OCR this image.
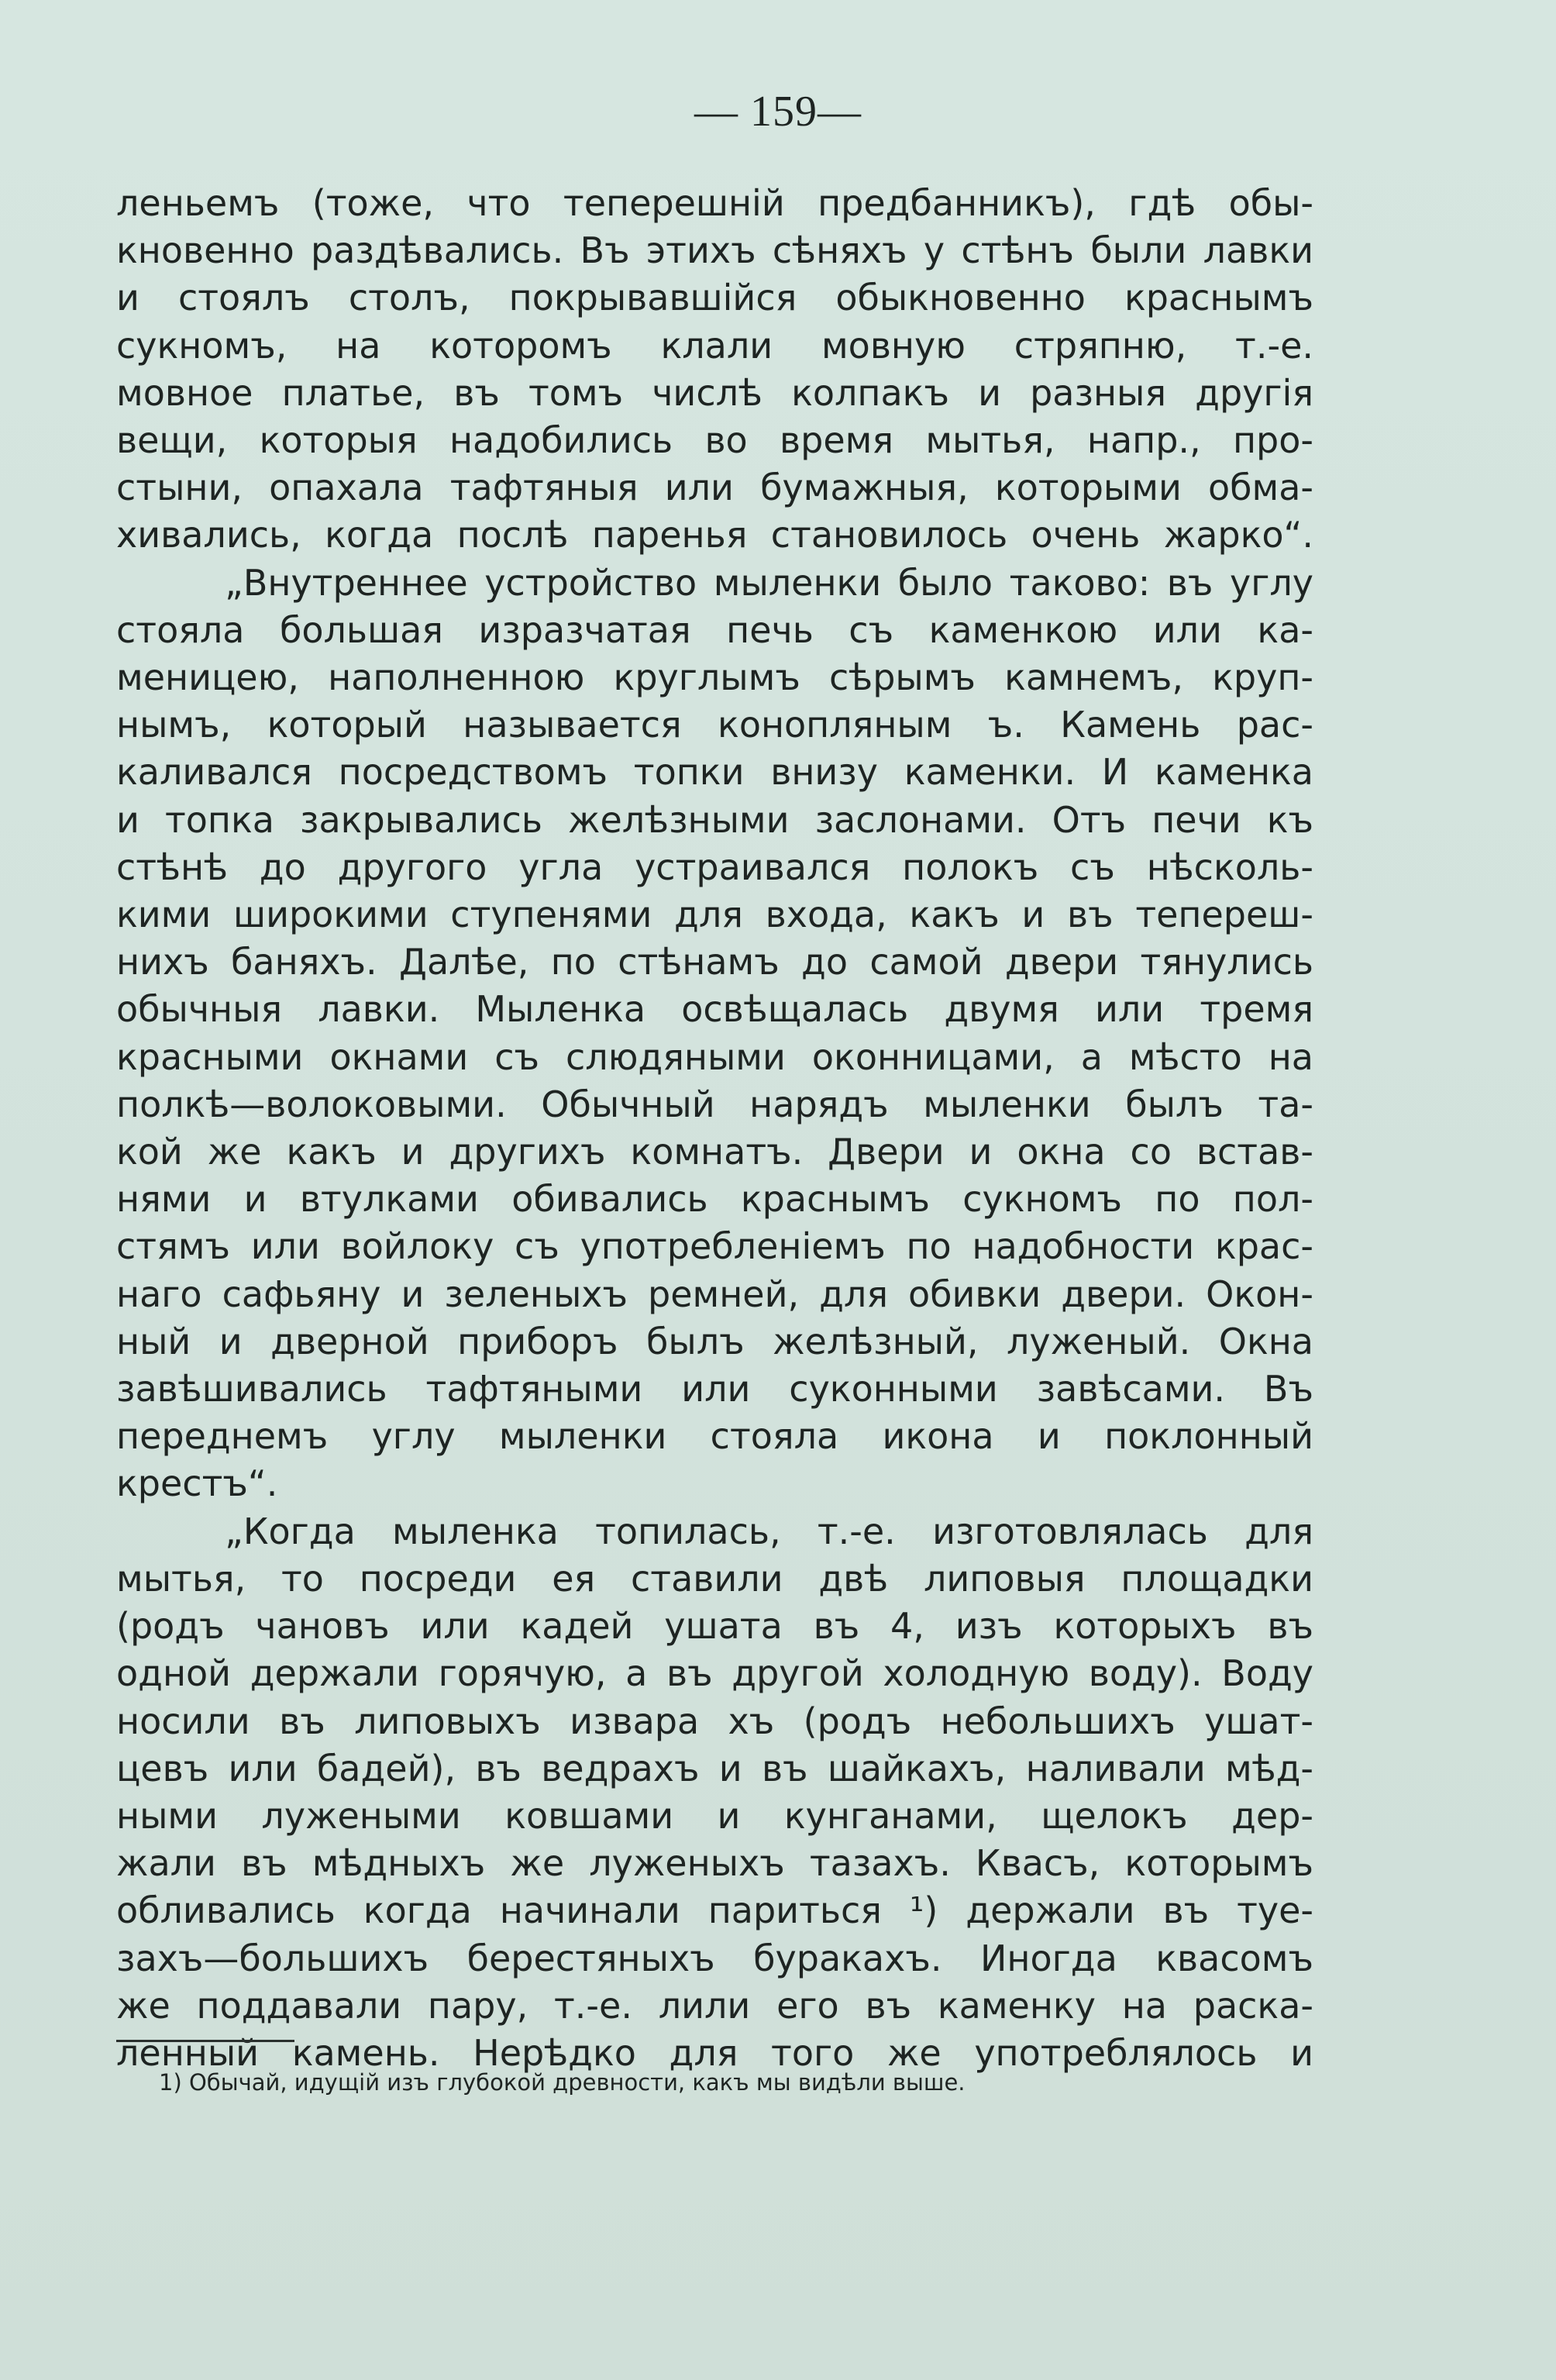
— 159—
леньемъ (тоже, что теперешній предбанникъ), гдѣ обы-
кновенно раздѣвались. Въ этихъ сѣняхъ у стѣнъ были лавки
и стоялъ столъ, покрывавшійся обыкновенно краснымъ
сукномъ, на которомъ клали мовную стряпню, т.-е.
мовное платье, въ томъ числѣ колпакъ и разныя другія
вещи, которыя надобились во время мытья, напр., про-
стыни, опахала тафтяныя или бумажныя, которыми обма-
хивались, когда послѣ паренья становилось очень жарко“.
„Внутреннее устройство мыленки было таково: въ углу
стояла большая изразчатая печь съ каменкою или ка-
меницею, наполненною круглымъ сѣрымъ камнемъ, круп-
нымъ, который называется конопляным ъ. Камень рас-
каливался посредствомъ топки внизу каменки. И каменка
и топка закрывались желѣзными заслонами. Отъ печи къ
стѣнѣ до другого угла устраивался полокъ съ нѣсколь-
кими широкими ступенями для входа, какъ и въ тепереш-
нихъ баняхъ. Далѣе, по стѣнамъ до самой двери тянулись
обычныя лавки. Мыленка освѣщалась двумя или тремя
красными окнами съ слюдяными оконницами, а мѣсто на
полкѣ—волоковыми. Обычный нарядъ мыленки былъ та-
кой же какъ и другихъ комнатъ. Двери и окна со встав-
нями и втулками обивались краснымъ сукномъ по пол-
стямъ или войлоку съ употребленіемъ по надобности крас-
наго сафьяну и зеленыхъ ремней, для обивки двери. Окон-
ный и дверной приборъ былъ желѣзный, луженый. Окна
завѣшивались тафтяными или суконными завѣсами. Въ
переднемъ углу мыленки стояла икона и поклонный
крестъ“.
„Когда мыленка топилась, т.-е. изготовлялась для
мытья, то посреди ея ставили двѣ липовыя площадки
(родъ чановъ или кадей ушата въ 4, изъ которыхъ въ
одной держали горячую, а въ другой холодную воду). Воду
носили въ липовыхъ извара хъ (родъ небольшихъ ушат-
цевъ или бадей), въ ведрахъ и въ шайкахъ, наливали мѣд-
ными лужеными ковшами и кунганами, щелокъ дер-
жали въ мѣдныхъ же луженыхъ тазахъ. Квасъ, которымъ
обливались когда начинали париться ¹) держали въ туе-
захъ—большихъ берестяныхъ буракахъ. Иногда квасомъ
же поддавали пару, т.-е. лили его въ каменку на раска-
ленный камень. Нерѣдко для того же употреблялось и
1) Обычай, идущій изъ глубокой древности, какъ мы видѣли выше.
